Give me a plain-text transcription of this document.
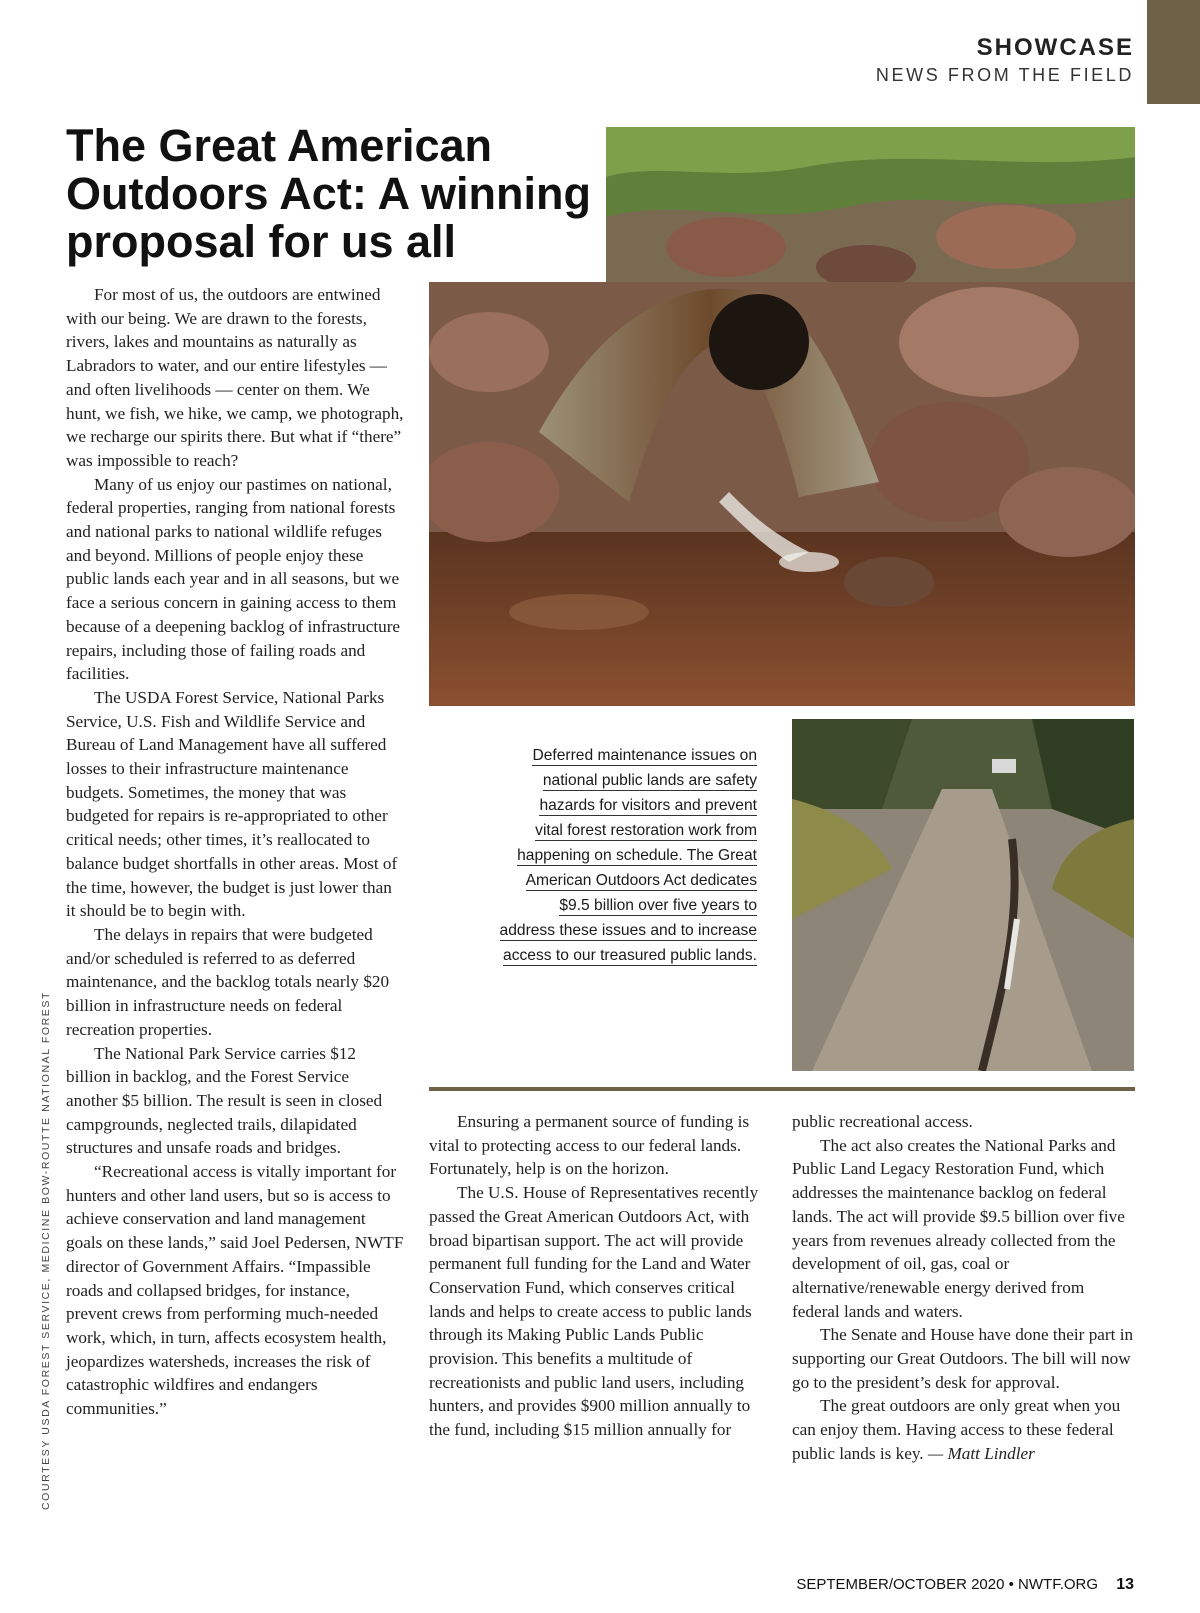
SHOWCASE
NEWS FROM THE FIELD
The Great American Outdoors Act: A winning proposal for us all
Deferred maintenance issues on
national public lands are safety
hazards for visitors and prevent
vital forest restoration work from
happening on schedule. The Great
American Outdoors Act dedicates
$9.5 billion over five years to
address these issues and to increase
access to our treasured public lands.

For most of us, the outdoors are entwined with our being. We are drawn to the forests, rivers, lakes and mountains as naturally as Labradors to water, and our entire lifestyles — and often livelihoods — center on them. We hunt, we fish, we hike, we camp, we photograph, we recharge our spirits there. But what if “there” was impossible to reach?

Many of us enjoy our pastimes on national, federal properties, ranging from national forests and national parks to national wildlife refuges and beyond. Millions of people enjoy these public lands each year and in all seasons, but we face a serious concern in gaining access to them because of a deepening backlog of infrastructure repairs, including those of failing roads and facilities.

The USDA Forest Service, National Parks Service, U.S. Fish and Wildlife Service and Bureau of Land Management have all suffered losses to their infrastructure maintenance budgets. Sometimes, the money that was budgeted for repairs is re-appropriated to other critical needs; other times, it’s reallocated to balance budget shortfalls in other areas. Most of the time, however, the budget is just lower than it should be to begin with.

The delays in repairs that were budgeted and/or scheduled is referred to as deferred maintenance, and the backlog totals nearly $20 billion in infrastructure needs on federal recreation properties.

The National Park Service carries $12 billion in backlog, and the Forest Service another $5 billion. The result is seen in closed campgrounds, neglected trails, dilapidated structures and unsafe roads and bridges.

“Recreational access is vitally important for hunters and other land users, but so is access to achieve conservation and land management goals on these lands,” said Joel Pedersen, NWTF director of Government Affairs. “Impassible roads and collapsed bridges, for instance, prevent crews from performing much-needed work, which, in turn, affects ecosystem health, jeopardizes watersheds, increases the risk of catastrophic wildfires and endangers communities.”

Ensuring a permanent source of funding is vital to protecting access to our federal lands. Fortunately, help is on the horizon.

The U.S. House of Representatives recently passed the Great American Outdoors Act, with broad bipartisan support. The act will provide permanent full funding for the Land and Water Conservation Fund, which conserves critical lands and helps to create access to public lands through its Making Public Lands Public provision. This benefits a multitude of recreationists and public land users, including hunters, and provides $900 million annually to the fund, including $15 million annually for

public recreational access.

The act also creates the National Parks and Public Land Legacy Restoration Fund, which addresses the maintenance backlog on federal lands. The act will provide $9.5 billion over five years from revenues already collected from the development of oil, gas, coal or alternative/renewable energy derived from federal lands and waters.

The Senate and House have done their part in supporting our Great Outdoors. The bill will now go to the president’s desk for approval.

The great outdoors are only great when you can enjoy them. Having access to these federal public lands is key. — Matt Lindler

COURTESY USDA FOREST SERVICE, MEDICINE BOW-ROUTTE NATIONAL FOREST
SEPTEMBER/OCTOBER 2020 • NWTF.ORG 13
